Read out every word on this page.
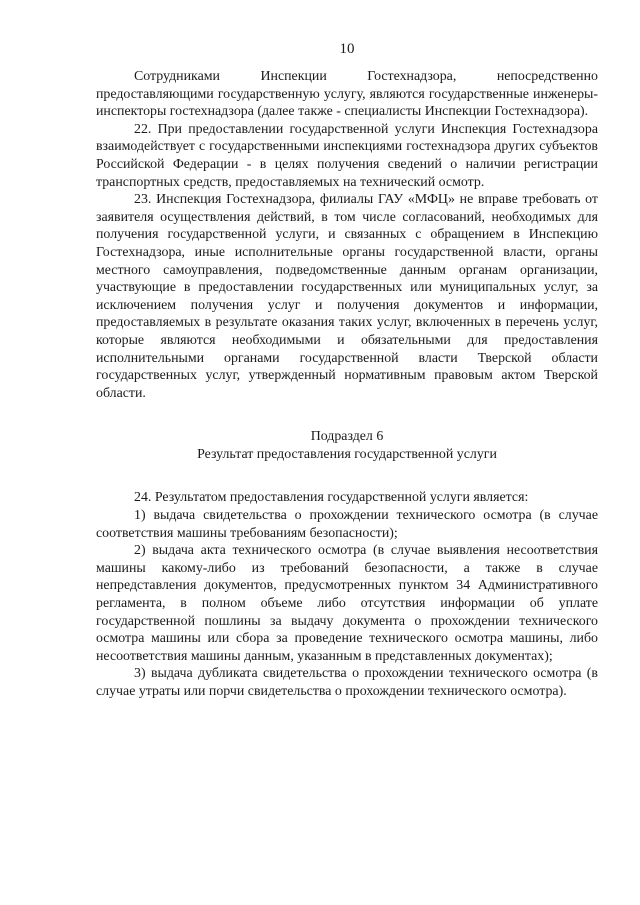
10

Сотрудниками Инспекции Гостехнадзора, непосредственно предоставляющими государственную услугу, являются государственные инженеры-инспекторы гостехнадзора (далее также - специалисты Инспекции Гостехнадзора).

22. При предоставлении государственной услуги Инспекция Гостехнадзора взаимодействует с государственными инспекциями гостехнадзора других субъектов Российской Федерации - в целях получения сведений о наличии регистрации транспортных средств, предоставляемых на технический осмотр.

23. Инспекция Гостехнадзора, филиалы ГАУ «МФЦ» не вправе требовать от заявителя осуществления действий, в том числе согласований, необходимых для получения государственной услуги, и связанных с обращением в Инспекцию Гостехнадзора, иные исполнительные органы государственной власти, органы местного самоуправления, подведомственные данным органам организации, участвующие в предоставлении государственных или муниципальных услуг, за исключением получения услуг и получения документов и информации, предоставляемых в результате оказания таких услуг, включенных в перечень услуг, которые являются необходимыми и обязательными для предоставления исполнительными органами государственной власти Тверской области государственных услуг, утвержденный нормативным правовым актом Тверской области.

Подраздел 6

Результат предоставления государственной услуги

24. Результатом предоставления государственной услуги является:

1) выдача свидетельства о прохождении технического осмотра (в случае соответствия машины требованиям безопасности);

2) выдача акта технического осмотра (в случае выявления несоответствия машины какому-либо из требований безопасности, а также в случае непредставления документов, предусмотренных пунктом 34 Административного регламента, в полном объеме либо отсутствия информации об уплате государственной пошлины за выдачу документа о прохождении технического осмотра машины или сбора за проведение технического осмотра машины, либо несоответствия машины данным, указанным в представленных документах);

3) выдача дубликата свидетельства о прохождении технического осмотра (в случае утраты или порчи свидетельства о прохождении технического осмотра).
